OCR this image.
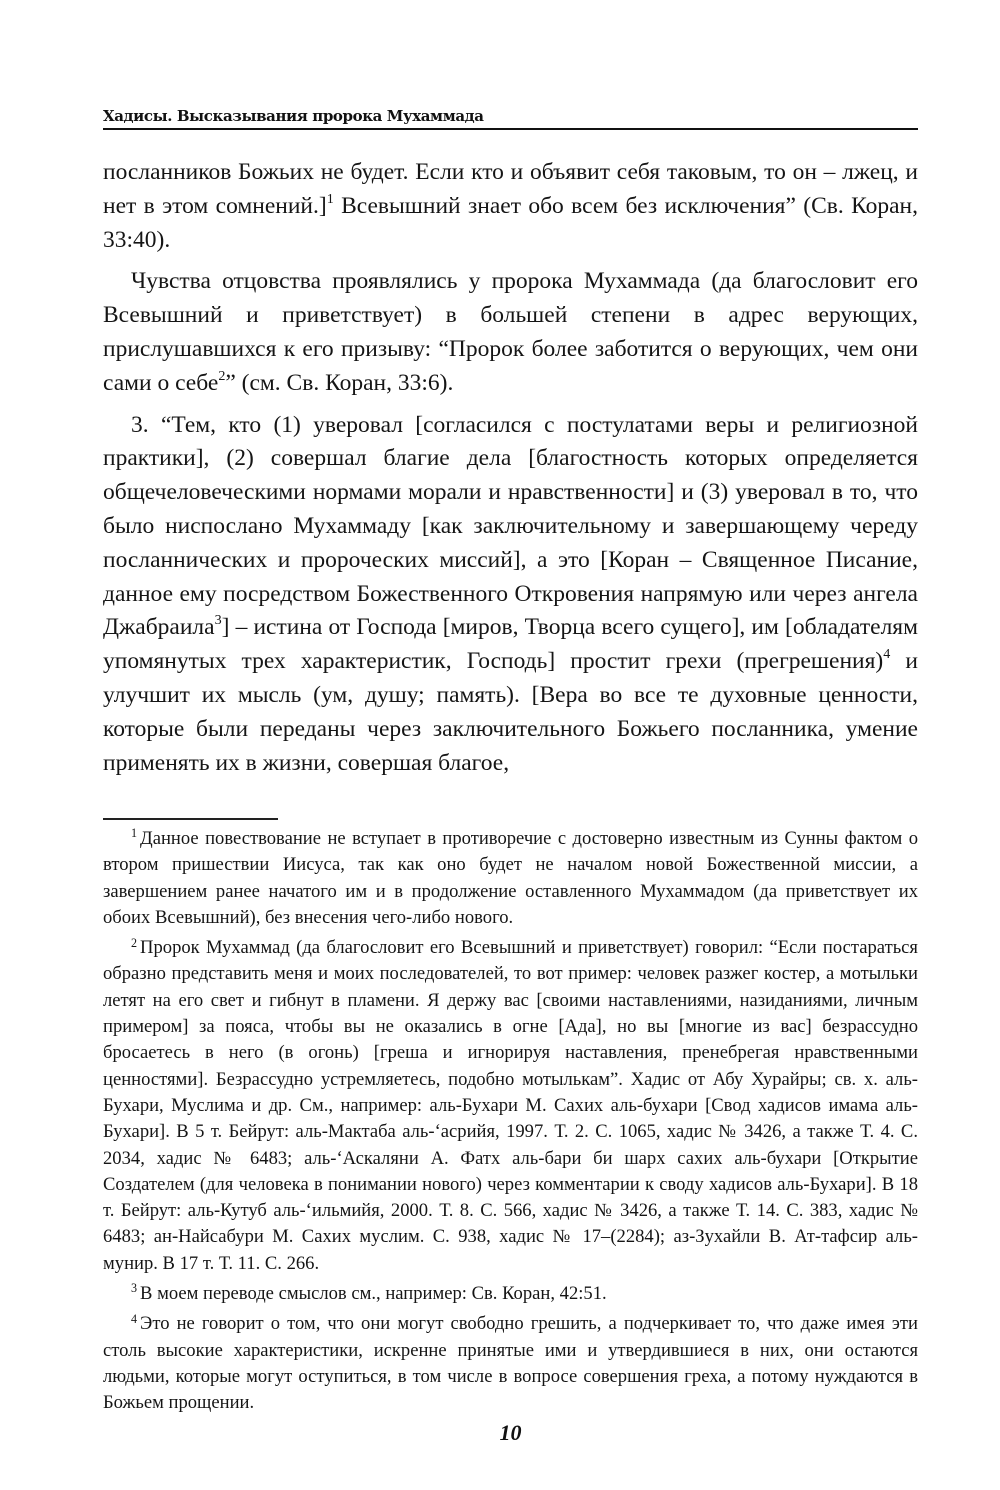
Хадисы. Высказывания пророка Мухаммада

посланников Божьих не будет. Если кто и объявит себя таковым, то он – лжец, и нет в этом сомнений.]$^1$ Всевышний знает обо всем без исключения” (Св. Коран, 33:40).

Чувства отцовства проявлялись у пророка Мухаммада (да благословит его Всевышний и приветствует) в большей степени в адрес верующих, прислушавшихся к его призыву: “Пророк более заботится о верующих, чем они сами о себе$^2$” (см. Св. Коран, 33:6).

3. “Тем, кто (1) уверовал [согласился с постулатами веры и религиозной практики], (2) совершал благие дела [благостность которых определяется общечеловеческими нормами морали и нравственности] и (3) уверовал в то, что было ниспослано Мухаммаду [как заключительному и завершающему череду посланнических и пророческих миссий], а это [Коран – Священное Писание, данное ему посредством Божественного Откровения напрямую или через ангела Джабраила$^3$] – истина от Господа [миров, Творца всего сущего], им [обладателям упомянутых трех характеристик, Господь] простит грехи (прегрешения)$^4$ и улучшит их мысль (ум, душу; память). [Вера во все те духовные ценности, которые были переданы через заключительного Божьего посланника, умение применять их в жизни, совершая благое,

$^1$ Данное повествование не вступает в противоречие с достоверно известным из Сунны фактом о втором пришествии Иисуса, так как оно будет не началом новой Божественной миссии, а завершением ранее начатого им и в продолжение оставленного Мухаммадом (да приветствует их обоих Всевышний), без внесения чего-либо нового.

$^2$ Пророк Мухаммад (да благословит его Всевышний и приветствует) говорил: “Если постараться образно представить меня и моих последователей, то вот пример: человек разжег костер, а мотыльки летят на его свет и гибнут в пламени. Я держу вас [своими наставлениями, назиданиями, личным примером] за пояса, чтобы вы не оказались в огне [Ада], но вы [многие из вас] безрассудно бросаетесь в него (в огонь) [греша и игнорируя наставления, пренебрегая нравственными ценностями]. Безрассудно устремляетесь, подобно мотылькам”. Хадис от Абу Хурайры; св. х. аль-Бухари, Муслима и др. См., например: аль-Бухари М. Сахих аль-бухари [Свод хадисов имама аль-Бухари]. В 5 т. Бейрут: аль-Мактаба аль-‘асрийя, 1997. Т. 2. С. 1065, хадис № 3426, а также Т. 4. С. 2034, хадис № 6483; аль-‘Аскаляни А. Фатх аль-бари би шарх сахих аль-бухари [Открытие Создателем (для человека в понимании нового) через комментарии к своду хадисов аль-Бухари]. В 18 т. Бейрут: аль-Кутуб аль-‘ильмийя, 2000. Т. 8. С. 566, хадис № 3426, а также Т. 14. С. 383, хадис № 6483; ан-Найсабури М. Сахих муслим. С. 938, хадис № 17–(2284); аз-Зухайли В. Ат-тафсир аль-мунир. В 17 т. Т. 11. С. 266.

$^3$ В моем переводе смыслов см., например: Св. Коран, 42:51.

$^4$ Это не говорит о том, что они могут свободно грешить, а подчеркивает то, что даже имея эти столь высокие характеристики, искренне принятые ими и утвердившиеся в них, они остаются людьми, которые могут оступиться, в том числе в вопросе совершения греха, а потому нуждаются в Божьем прощении.

10
